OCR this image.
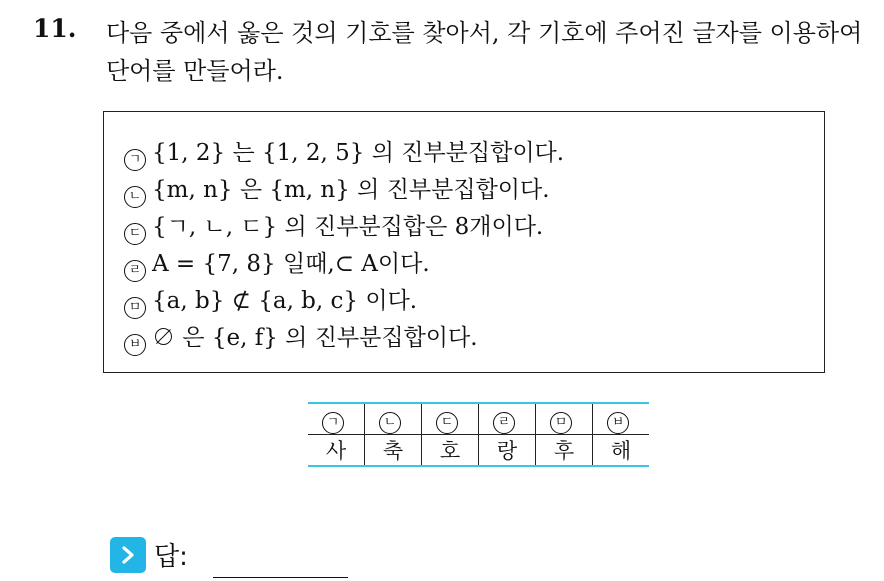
11. 다음 중에서 옳은 것의 기호를 찾아서, 각 기호에 주어진 글자를 이용하여 단어를 만들어라.
ㄱ {1, 2} 는 {1, 2, 5} 의 진부분집합이다.
ㄴ {m, n} 은 {m, n} 의 진부분집합이다.
ㄷ {ㄱ, ㄴ, ㄷ} 의 진부분집합은 8개이다.
ㄹ A = {7, 8} 일때,⊂ A이다.
ㅁ {a, b} ⊄ {a, b, c} 이다.
ㅂ ∅ 은 {e, f} 의 진부분집합이다.
ㄱ	ㄴ	ㄷ	ㄹ	ㅁ	ㅂ
사	축	호	랑	후	해
답:
